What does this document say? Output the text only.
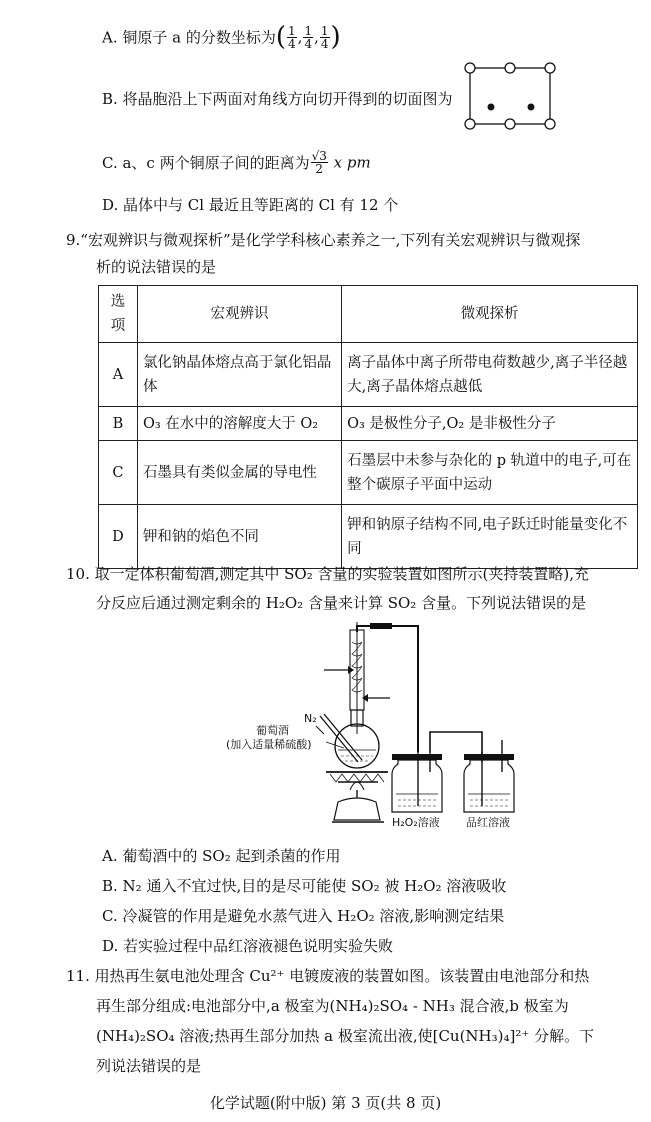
A. 铜原子 a 的分数坐标为( $\frac{1}{4}$ , $\frac{1}{4}$ , $\frac{1}{4}$ )
B. 将晶胞沿上下两面对角线方向切开得到的切面图为
C. a、c 两个铜原子间的距离为 $\frac{√3}{2}$ x pm
D. 晶体中与 Cl 最近且等距离的 Cl 有 12 个
9.“宏观辨识与微观探析”是化学学科核心素养之一,下列有关宏观辨识与微观探
析的说法错误的是
选项	宏观辨识	微观探析
A	氯化钠晶体熔点高于氯化铝晶体	离子晶体中离子所带电荷数越少,离子半径越大,离子晶体熔点越低
B	O₃ 在水中的溶解度大于 O₂	O₃ 是极性分子,O₂ 是非极性分子
C	石墨具有类似金属的导电性	石墨层中未参与杂化的 p 轨道中的电子,可在整个碳原子平面中运动
D	钾和钠的焰色不同	钾和钠原子结构不同,电子跃迁时能量变化不同
10. 取一定体积葡萄酒,测定其中 SO₂ 含量的实验装置如图所示(夹持装置略),充
分反应后通过测定剩余的 H₂O₂ 含量来计算 SO₂ 含量。下列说法错误的是
N₂
葡萄酒
(加入适量稀硫酸)
H₂O₂溶液 品红溶液
A. 葡萄酒中的 SO₂ 起到杀菌的作用
B. N₂ 通入不宜过快,目的是尽可能使 SO₂ 被 H₂O₂ 溶液吸收
C. 冷凝管的作用是避免水蒸气进入 H₂O₂ 溶液,影响测定结果
D. 若实验过程中品红溶液褪色说明实验失败
11. 用热再生氨电池处理含 Cu²⁺ 电镀废液的装置如图。该装置由电池部分和热
再生部分组成:电池部分中,a 极室为(NH₄)₂SO₄ - NH₃ 混合液,b 极室为
(NH₄)₂SO₄ 溶液;热再生部分加热 a 极室流出液,使[Cu(NH₃)₄]²⁺ 分解。下
列说法错误的是
化学试题(附中版) 第 3 页(共 8 页)
